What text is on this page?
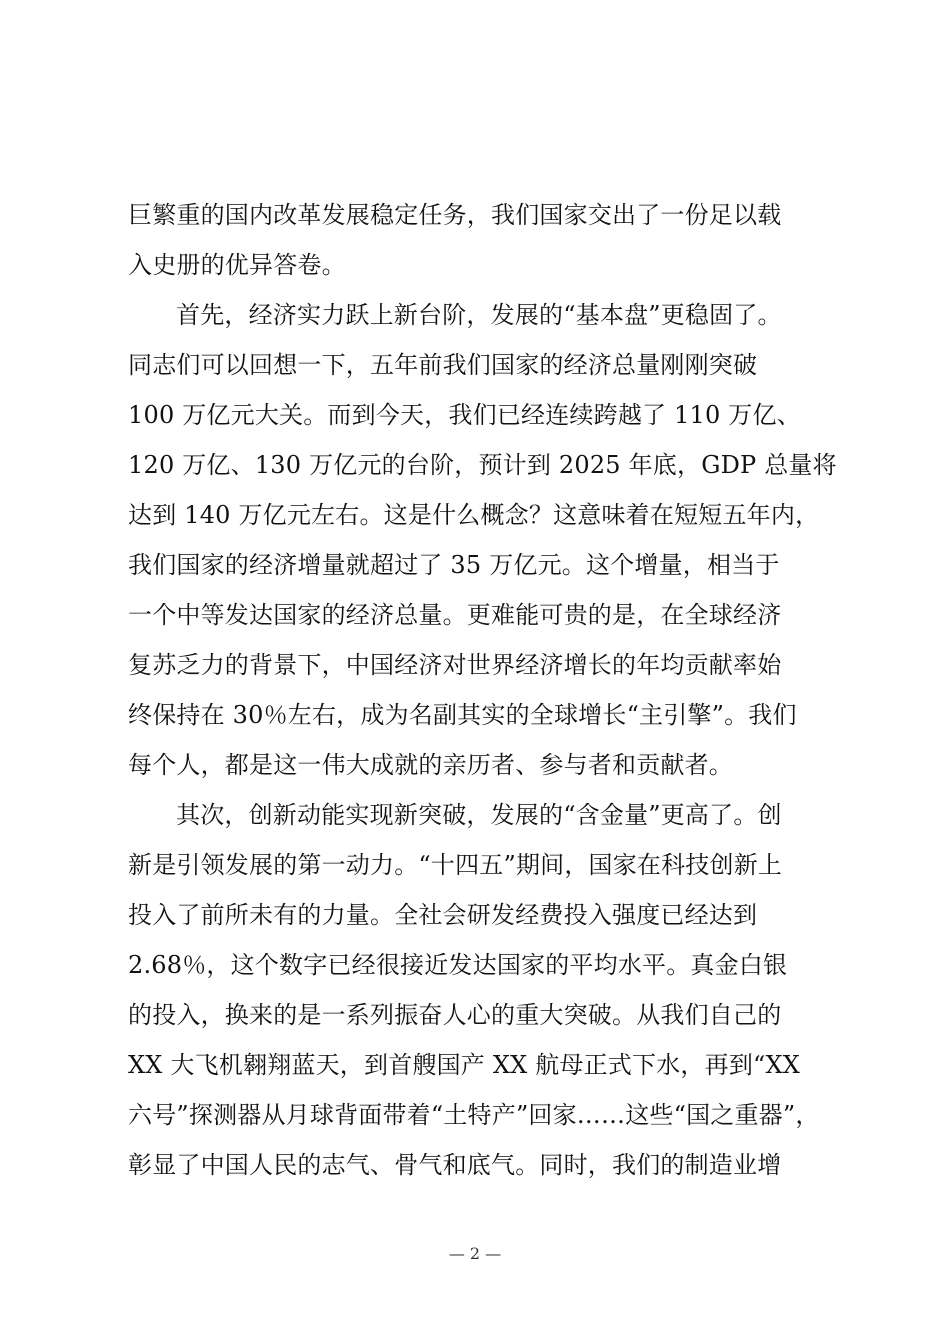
巨繁重的国内改革发展稳定任务，我们国家交出了一份足以载
入史册的优异答卷。
首先，经济实力跃上新台阶，发展的“基本盘”更稳固了。
同志们可以回想一下，五年前我们国家的经济总量刚刚突破
100 万亿元大关。而到今天，我们已经连续跨越了 110 万亿、
120 万亿、130 万亿元的台阶，预计到 2025 年底，GDP 总量将
达到 140 万亿元左右。这是什么概念？这意味着在短短五年内，
我们国家的经济增量就超过了 35 万亿元。这个增量，相当于
一个中等发达国家的经济总量。更难能可贵的是，在全球经济
复苏乏力的背景下，中国经济对世界经济增长的年均贡献率始
终保持在 30％左右，成为名副其实的全球增长“主引擎”。我们
每个人，都是这一伟大成就的亲历者、参与者和贡献者。
其次，创新动能实现新突破，发展的“含金量”更高了。创
新是引领发展的第一动力。“十四五”期间，国家在科技创新上
投入了前所未有的力量。全社会研发经费投入强度已经达到
2.68％，这个数字已经很接近发达国家的平均水平。真金白银
的投入，换来的是一系列振奋人心的重大突破。从我们自己的
XX 大飞机翱翔蓝天，到首艘国产 XX 航母正式下水，再到“XX
六号”探测器从月球背面带着“土特产”回家……这些“国之重器”，
彰显了中国人民的志气、骨气和底气。同时，我们的制造业增
— 2 —
